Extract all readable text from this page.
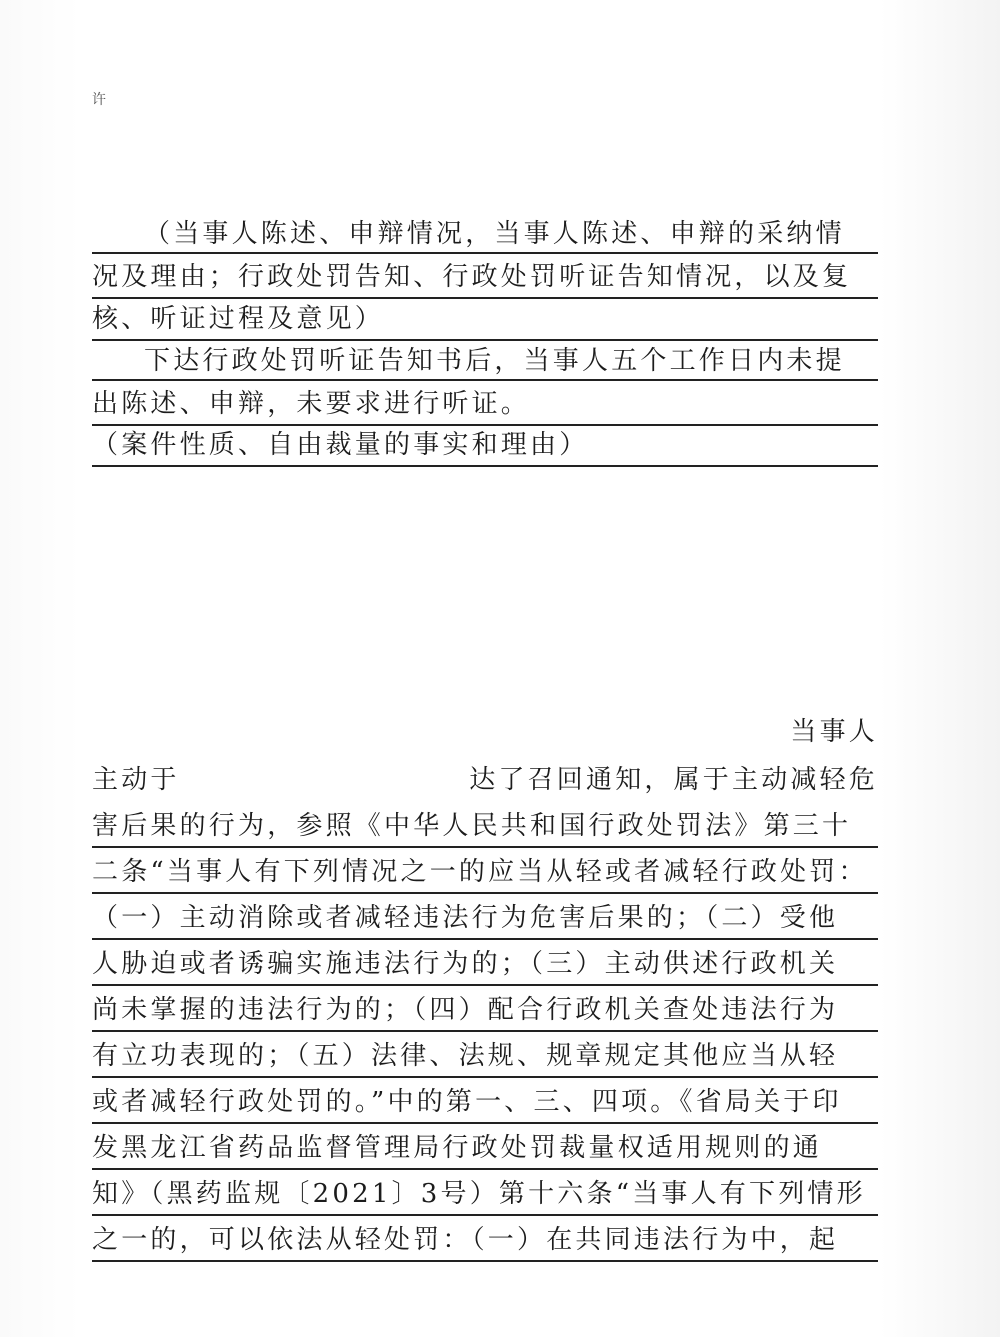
许
（当事人陈述、申辩情况，当事人陈述、申辩的采纳情
况及理由；行政处罚告知、行政处罚听证告知情况，以及复
核、听证过程及意见）
下达行政处罚听证告知书后，当事人五个工作日内未提
出陈述、申辩，未要求进行听证。
（案件性质、自由裁量的事实和理由）
当事人
主动于	达了召回通知，属于主动减轻危
害后果的行为，参照《中华人民共和国行政处罚法》第三十
二条“当事人有下列情况之一的应当从轻或者减轻行政处罚：
（一）主动消除或者减轻违法行为危害后果的；（二）受他
人胁迫或者诱骗实施违法行为的；（三）主动供述行政机关
尚未掌握的违法行为的；（四）配合行政机关查处违法行为
有立功表现的；（五）法律、法规、规章规定其他应当从轻
或者减轻行政处罚的。”中的第一、三、四项。《省局关于印
发黑龙江省药品监督管理局行政处罚裁量权适用规则的通
知》（黑药监规〔2021〕3号）第十六条“当事人有下列情形
之一的，可以依法从轻处罚：（一）在共同违法行为中，起
